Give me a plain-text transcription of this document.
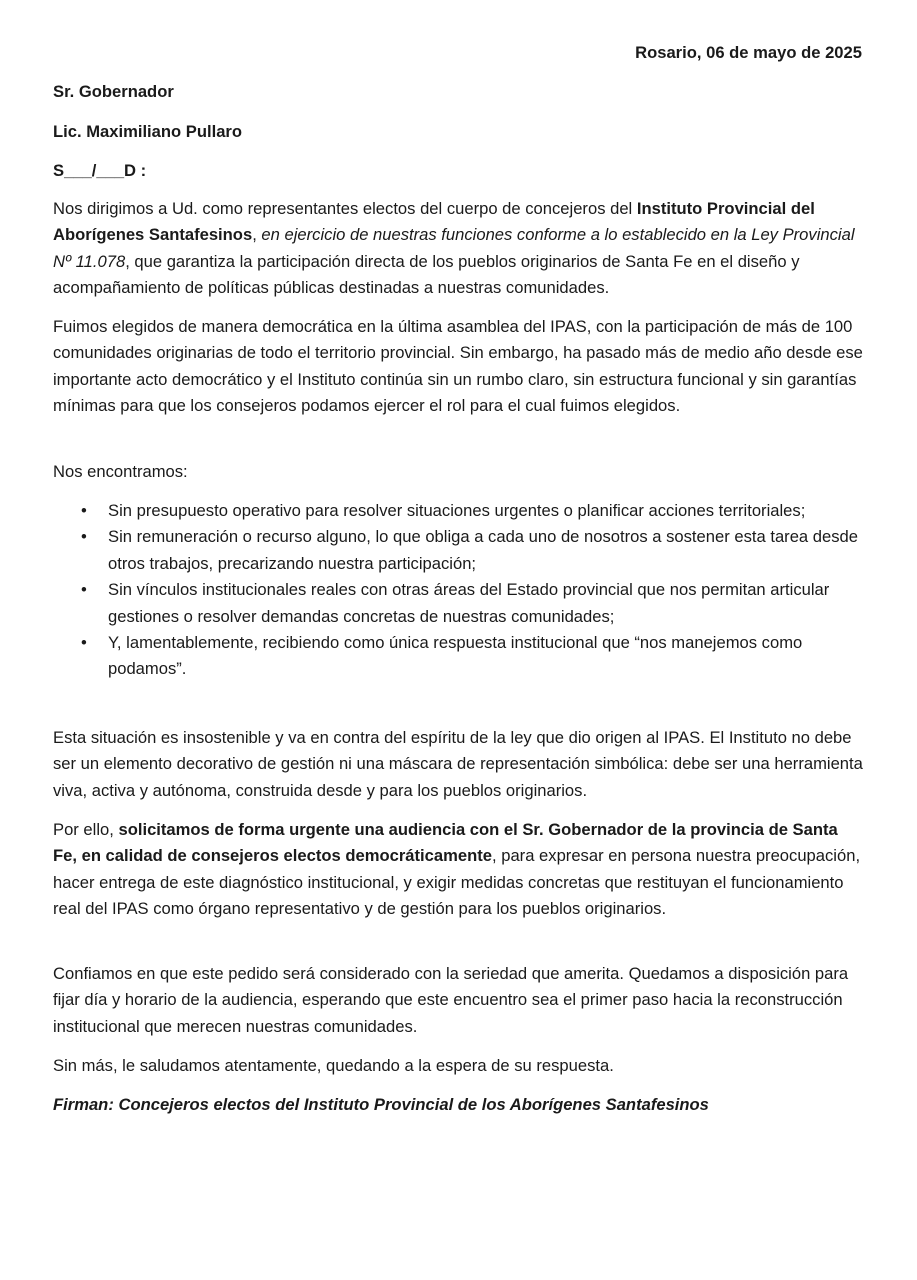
Rosario, 06 de mayo de 2025
Sr. Gobernador
Lic. Maximiliano Pullaro
S___/___D :

Nos dirigimos a Ud. como representantes electos del cuerpo de concejeros del Instituto Provincial del Aborígenes Santafesinos, en ejercicio de nuestras funciones conforme a lo establecido en la Ley Provincial Nº 11.078, que garantiza la participación directa de los pueblos originarios de Santa Fe en el diseño y acompañamiento de políticas públicas destinadas a nuestras comunidades.

Fuimos elegidos de manera democrática en la última asamblea del IPAS, con la participación de más de 100 comunidades originarias de todo el territorio provincial. Sin embargo, ha pasado más de medio año desde ese importante acto democrático y el Instituto continúa sin un rumbo claro, sin estructura funcional y sin garantías mínimas para que los consejeros podamos ejercer el rol para el cual fuimos elegidos.

Nos encontramos:

• Sin presupuesto operativo para resolver situaciones urgentes o planificar acciones territoriales;
• Sin remuneración o recurso alguno, lo que obliga a cada uno de nosotros a sostener esta tarea desde otros trabajos, precarizando nuestra participación;
• Sin vínculos institucionales reales con otras áreas del Estado provincial que nos permitan articular gestiones o resolver demandas concretas de nuestras comunidades;
• Y, lamentablemente, recibiendo como única respuesta institucional que “nos manejemos como podamos”.

Esta situación es insostenible y va en contra del espíritu de la ley que dio origen al IPAS. El Instituto no debe ser un elemento decorativo de gestión ni una máscara de representación simbólica: debe ser una herramienta viva, activa y autónoma, construida desde y para los pueblos originarios.

Por ello, solicitamos de forma urgente una audiencia con el Sr. Gobernador de la provincia de Santa Fe, en calidad de consejeros electos democráticamente, para expresar en persona nuestra preocupación, hacer entrega de este diagnóstico institucional, y exigir medidas concretas que restituyan el funcionamiento real del IPAS como órgano representativo y de gestión para los pueblos originarios.

Confiamos en que este pedido será considerado con la seriedad que amerita. Quedamos a disposición para fijar día y horario de la audiencia, esperando que este encuentro sea el primer paso hacia la reconstrucción institucional que merecen nuestras comunidades.

Sin más, le saludamos atentamente, quedando a la espera de su respuesta.

Firman: Concejeros electos del Instituto Provincial de los Aborígenes Santafesinos
